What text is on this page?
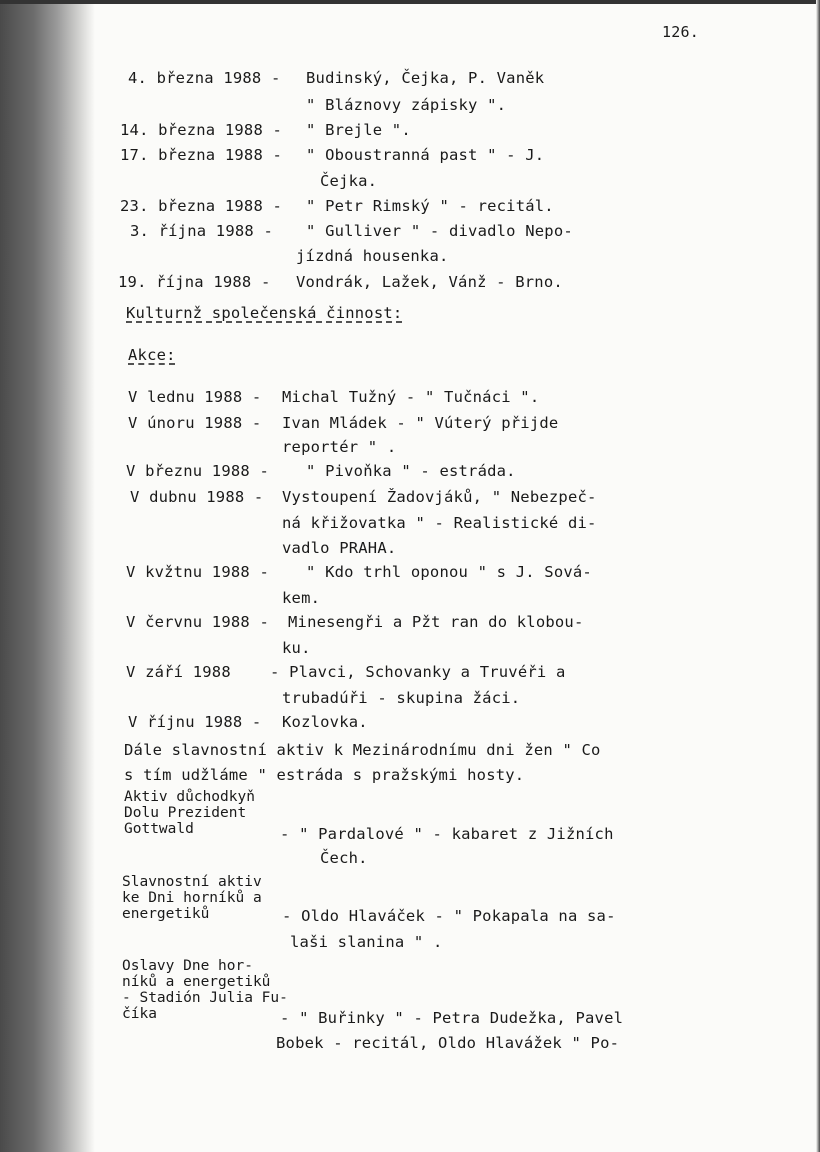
126.
4. března 1988 - Budinský, Čejka, P. Vaněk
" Bláznovy zápisky ".
14. března 1988 - " Brejle ".
17. března 1988 - " Oboustranná past " - J.
Čejka.
23. března 1988 - " Petr Rimský " - recitál.
3. října 1988 - " Gulliver " - divadlo Nepo-
jízdná housenka.
19. října 1988 - Vondrák, Lažek, Vánž - Brno.
Kulturnž společenská činnost:
Akce:
V lednu 1988 - Michal Tužný - " Tučnáci ".
V únoru 1988 - Ivan Mládek - " Vúterý přijde
reportér " .
V březnu 1988 - " Pivoňka " - estráda.
V dubnu 1988 - Vystoupení Žadovjáků, " Nebezpeč-
ná křižovatka " - Realistické di-
vadlo PRAHA.
V kvžtnu 1988 - " Kdo trhl oponou " s J. Sová-
kem.
V červnu 1988 - Minesengři a Pžt ran do klobou-
ku.
V září 1988	- Plavci, Schovanky a Truvéři a
trubadúři - skupina žáci.
V říjnu 1988 - Kozlovka.
Dále slavnostní aktiv k Mezinárodnímu dni žen " Co
s tím udžláme " estráda s pražskými hosty.
Aktiv důchodkyň
Dolu Prezident
Gottwald	- " Pardalové " - kabaret z Jižních
Čech.
Slavnostní aktiv
ke Dni horníků a
energetiků	- Oldo Hlaváček - " Pokapala na sa-
laši slanina " .
Oslavy Dne hor-
níků a energetiků
- Stadión Julia Fu-
číka	- " Buřinky " - Petra Dudežka, Pavel
Bobek - recitál, Oldo Hlavážek " Po-
